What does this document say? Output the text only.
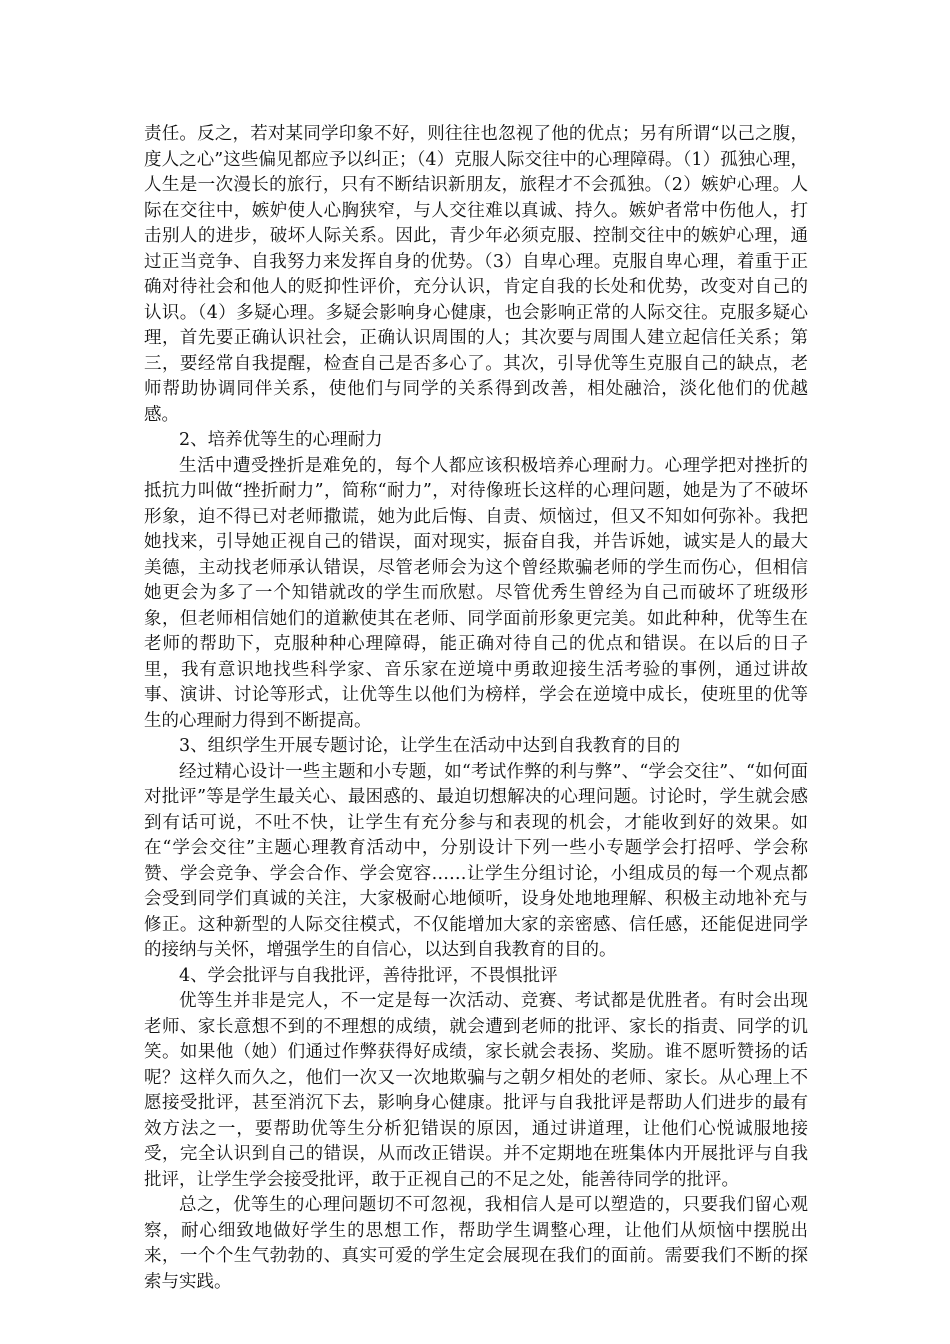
责任。反之，若对某同学印象不好，则往往也忽视了他的优点；另有所谓“以己之腹，度人之心”这些偏见都应予以纠正；（4）克服人际交往中的心理障碍。（1）孤独心理，人生是一次漫长的旅行，只有不断结识新朋友，旅程才不会孤独。（2）嫉妒心理。人际在交往中，嫉妒使人心胸狭窄，与人交往难以真诚、持久。嫉妒者常中伤他人，打击别人的进步，破坏人际关系。因此，青少年必须克服、控制交往中的嫉妒心理，通过正当竞争、自我努力来发挥自身的优势。（3）自卑心理。克服自卑心理，着重于正确对待社会和他人的贬抑性评价，充分认识，肯定自我的长处和优势，改变对自己的认识。（4）多疑心理。多疑会影响身心健康，也会影响正常的人际交往。克服多疑心理，首先要正确认识社会，正确认识周围的人；其次要与周围人建立起信任关系；第三，要经常自我提醒，检查自己是否多心了。其次，引导优等生克服自己的缺点，老师帮助协调同伴关系，使他们与同学的关系得到改善，相处融洽，淡化他们的优越感。

2、培养优等生的心理耐力

生活中遭受挫折是难免的，每个人都应该积极培养心理耐力。心理学把对挫折的抵抗力叫做“挫折耐力”，简称“耐力”，对待像班长这样的心理问题，她是为了不破坏形象，迫不得已对老师撒谎，她为此后悔、自责、烦恼过，但又不知如何弥补。我把她找来，引导她正视自己的错误，面对现实，振奋自我，并告诉她，诚实是人的最大美德，主动找老师承认错误，尽管老师会为这个曾经欺骗老师的学生而伤心，但相信她更会为多了一个知错就改的学生而欣慰。尽管优秀生曾经为自己而破坏了班级形象，但老师相信她们的道歉使其在老师、同学面前形象更完美。如此种种，优等生在老师的帮助下，克服种种心理障碍，能正确对待自己的优点和错误。在以后的日子里，我有意识地找些科学家、音乐家在逆境中勇敢迎接生活考验的事例，通过讲故事、演讲、讨论等形式，让优等生以他们为榜样，学会在逆境中成长，使班里的优等生的心理耐力得到不断提高。

3、组织学生开展专题讨论，让学生在活动中达到自我教育的目的

经过精心设计一些主题和小专题，如“考试作弊的利与弊”、“学会交往”、“如何面对批评”等是学生最关心、最困惑的、最迫切想解决的心理问题。讨论时，学生就会感到有话可说，不吐不快，让学生有充分参与和表现的机会，才能收到好的效果。如在“学会交往”主题心理教育活动中，分别设计下列一些小专题学会打招呼、学会称赞、学会竞争、学会合作、学会宽容……让学生分组讨论，小组成员的每一个观点都会受到同学们真诚的关注，大家极耐心地倾听，设身处地地理解、积极主动地补充与修正。这种新型的人际交往模式，不仅能增加大家的亲密感、信任感，还能促进同学的接纳与关怀，增强学生的自信心，以达到自我教育的目的。

4、学会批评与自我批评，善待批评，不畏惧批评

优等生并非是完人，不一定是每一次活动、竞赛、考试都是优胜者。有时会出现老师、家长意想不到的不理想的成绩，就会遭到老师的批评、家长的指责、同学的讥笑。如果他（她）们通过作弊获得好成绩，家长就会表扬、奖励。谁不愿听赞扬的话呢？这样久而久之，他们一次又一次地欺骗与之朝夕相处的老师、家长。从心理上不愿接受批评，甚至消沉下去，影响身心健康。批评与自我批评是帮助人们进步的最有效方法之一，要帮助优等生分析犯错误的原因，通过讲道理，让他们心悦诚服地接受，完全认识到自己的错误，从而改正错误。并不定期地在班集体内开展批评与自我批评，让学生学会接受批评，敢于正视自己的不足之处，能善待同学的批评。

总之，优等生的心理问题切不可忽视，我相信人是可以塑造的，只要我们留心观察，耐心细致地做好学生的思想工作，帮助学生调整心理，让他们从烦恼中摆脱出来，一个个生气勃勃的、真实可爱的学生定会展现在我们的面前。需要我们不断的探索与实践。
